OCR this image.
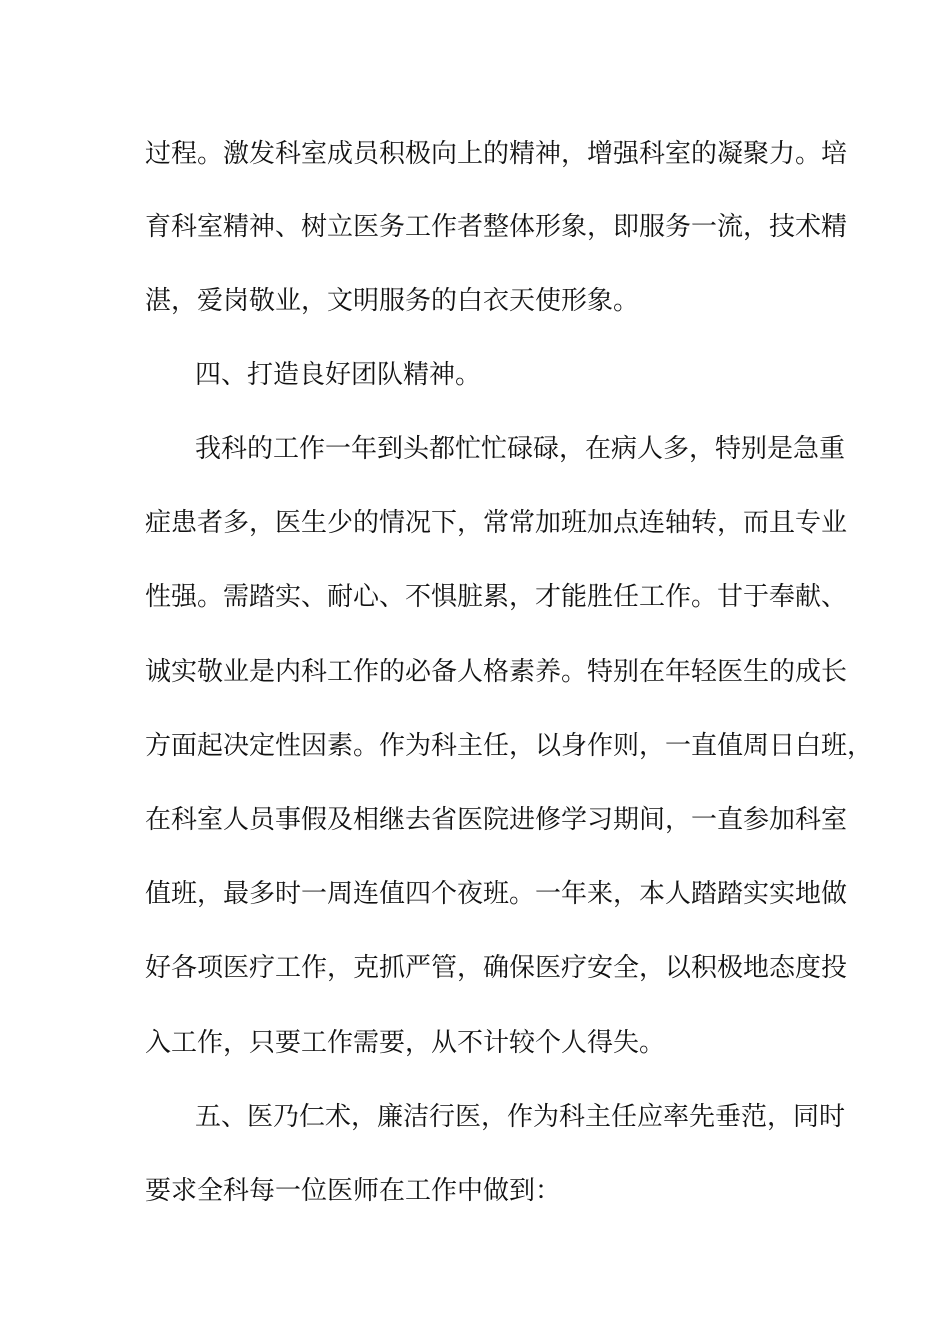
过程。激发科室成员积极向上的精神，增强科室的凝聚力。培
育科室精神、树立医务工作者整体形象，即服务一流，技术精
湛，爱岗敬业，文明服务的白衣天使形象。
四、打造良好团队精神。
我科的工作一年到头都忙忙碌碌，在病人多，特别是急重
症患者多，医生少的情况下，常常加班加点连轴转，而且专业
性强。需踏实、耐心、不惧脏累，才能胜任工作。甘于奉献、
诚实敬业是内科工作的必备人格素养。特别在年轻医生的成长
方面起决定性因素。作为科主任，以身作则，一直值周日白班，
在科室人员事假及相继去省医院进修学习期间，一直参加科室
值班，最多时一周连值四个夜班。一年来，本人踏踏实实地做
好各项医疗工作，克抓严管，确保医疗安全，以积极地态度投
入工作，只要工作需要，从不计较个人得失。
五、医乃仁术，廉洁行医，作为科主任应率先垂范，同时
要求全科每一位医师在工作中做到：
